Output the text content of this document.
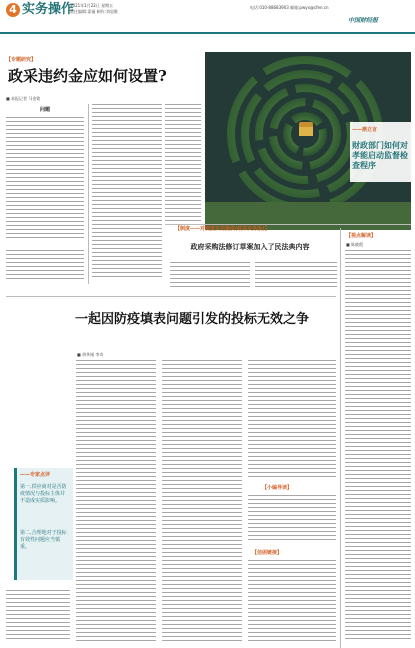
4 实务操作
2021年1月22日 星期五
责任编辑:姜福 制作:刘思维
电话:010-88683903 邮箱:pwyx@cfen.cn
中国财经报
【专题研究】
政采违约金应如何设置?
■ 本报记者 马金铭
问题
——鼎立言
财政部门如何对孝能启动监督检查程序
【制度——对制度实用提供(政采实务版)】
政府采购法修订草案加入了民法典内容
【视点解读】
■ 陈晓霞
一起因防疫填表问题引发的投标无效之争
■ 胡华刚 李奇
【小编导读】
【信函链接】
——专家点评
第一,供应商对是否防疫情况与投标主体并不造成实质影响。
第二,合理地对于投标有效性问题应当慎重。
